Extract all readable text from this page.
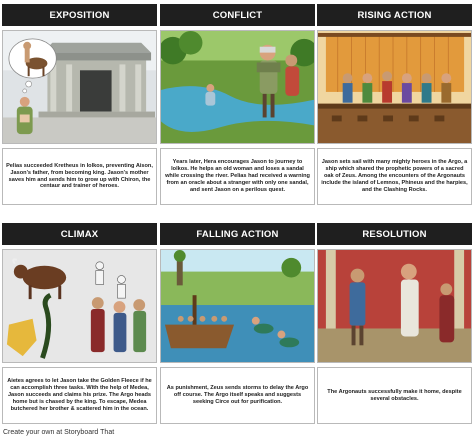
EXPOSITION
Pelias succeeded Kretheus in Iolkos, preventing Aison, Jason's father, from becoming king. Jason's mother saves him and sends him to grow up with Chiron, the centaur and trainer of heroes.
CONFLICT
Years later, Hera encourages Jason to journey to Iolkos. He helps an old woman and loses a sandal while crossing the river. Pelias had received a warning from an oracle about a stranger with only one sandal, and sent Jason on a perilous quest.
RISING ACTION
Jason sets sail with many mighty heroes in the Argo, a ship which shared the prophetic powers of a sacred oak of Zeus. Among the encounters of the Argonauts include the island of Lemnos, Phineus and the harpies, and the Clashing Rocks.
CLIMAX
Aietes agrees to let Jason take the Golden Fleece if he can accomplish three tasks. With the help of Medea, Jason succeeds and claims his prize. The Argo heads home but is chased by the king. To escape, Medea butchered her brother & scattered him in the ocean.
FALLING ACTION
As punishment, Zeus sends storms to delay the Argo off course. The Argo itself speaks and suggests seeking Circe out for purification.
RESOLUTION
The Argonauts successfully make it home, despite several obstacles.
Create your own at Storyboard That
